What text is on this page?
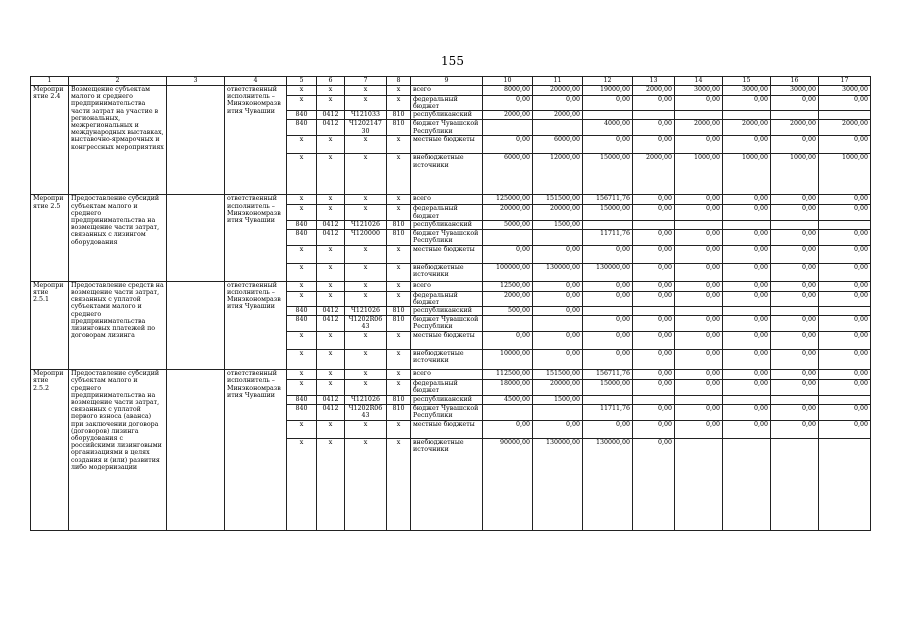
155
1	2	3	4	5	6	7	8	9	10	11	12	13	14	15	16	17
Мероприятие 2.4	Возмещение субъектам малого и среднего предпринимательства части затрат на участие в региональных, межрегиональных и международных выставках, выставочно-ярмарочных и конгрессных мероприятиях		ответственный исполнитель – Минэкономразвития Чувашии	x	x	x	x	всего	8000,00	20000,00	19000,00	2000,00	3000,00	3000,00	3000,00	3000,00
				x	x	x	x	федеральный бюджет	0,00	0,00	0,00	0,00	0,00	0,00	0,00	0,00
				840	0412	Ч121033	810	республиканский	2000,00	2000,00						
				840	0412	Ч1202147 30	810	бюджет Чувашской Республики			4000,00	0,00	2000,00	2000,00	2000,00	2000,00
				x	x	x	x	местные бюджеты	0,00	6000,00	0,00	0,00	0,00	0,00	0,00	0,00
				x	x	x	x	внебюджетные источники	6000,00	12000,00	15000,00	2000,00	1000,00	1000,00	1000,00	1000,00
Мероприятие 2.5	Предоставление субсидий субъектам малого и среднего предпринимательства на возмещение части затрат, связанных с лизингом оборудования		ответственный исполнитель – Минэкономразвития Чувашии	x	x	x	x	всего	125000,00	151500,00	156711,76	0,00	0,00	0,00	0,00	0,00
				x	x	x	x	федеральный бюджет	20000,00	20000,00	15000,00	0,00	0,00	0,00	0,00	0,00
				840	0412	Ч121026	810	республиканский	5000,00	1500,00						
				840	0412	Ч120000	810	бюджет Чувашской Республики			11711,76	0,00	0,00	0,00	0,00	0,00
				x	x	x	x	местные бюджеты	0,00	0,00	0,00	0,00	0,00	0,00	0,00	0,00
				x	x	x	x	внебюджетные источники	100000,00	130000,00	130000,00	0,00	0,00	0,00	0,00	0,00
Мероприятие 2.5.1	Предоставление средств на возмещение части затрат, связанных с уплатой субъектами малого и среднего предпринимательства лизинговых платежей по договорам лизинга		ответственный исполнитель – Минэкономразвития Чувашии	x	x	x	x	всего	12500,00	0,00	0,00	0,00	0,00	0,00	0,00	0,00
				x	x	x	x	федеральный бюджет	2000,00	0,00	0,00	0,00	0,00	0,00	0,00	0,00
				840	0412	Ч121026	810	республиканский	500,00	0,00						
				840	0412	Ч1202R06 43	810	бюджет Чувашской Республики			0,00	0,00	0,00	0,00	0,00	0,00
				x	x	x	x	местные бюджеты	0,00	0,00	0,00	0,00	0,00	0,00	0,00	0,00
				x	x	x	x	внебюджетные источники	10000,00	0,00	0,00	0,00	0,00	0,00	0,00	0,00
Мероприятие 2.5.2	Предоставление субсидий субъектам малого и среднего предпринимательства на возмещение части затрат, связанных с уплатой первого взноса (аванса) при заключении договора (договоров) лизинга оборудования с российскими лизинговыми организациями в целях создания и (или) развития либо модернизации		ответственный исполнитель – Минэкономразвития Чувашии	x	x	x	x	всего	112500,00	151500,00	156711,76	0,00	0,00	0,00	0,00	0,00
				x	x	x	x	федеральный бюджет	18000,00	20000,00	15000,00	0,00	0,00	0,00	0,00	0,00
				840	0412	Ч121026	810	республиканский	4500,00	1500,00						
				840	0412	Ч1202R06 43	810	бюджет Чувашской Республики			11711,76	0,00	0,00	0,00	0,00	0,00
				x	x	x	x	местные бюджеты	0,00	0,00	0,00	0,00	0,00	0,00	0,00	0,00
				x	x	x	x	внебюджетные источники	90000,00	130000,00	130000,00	0,00				
